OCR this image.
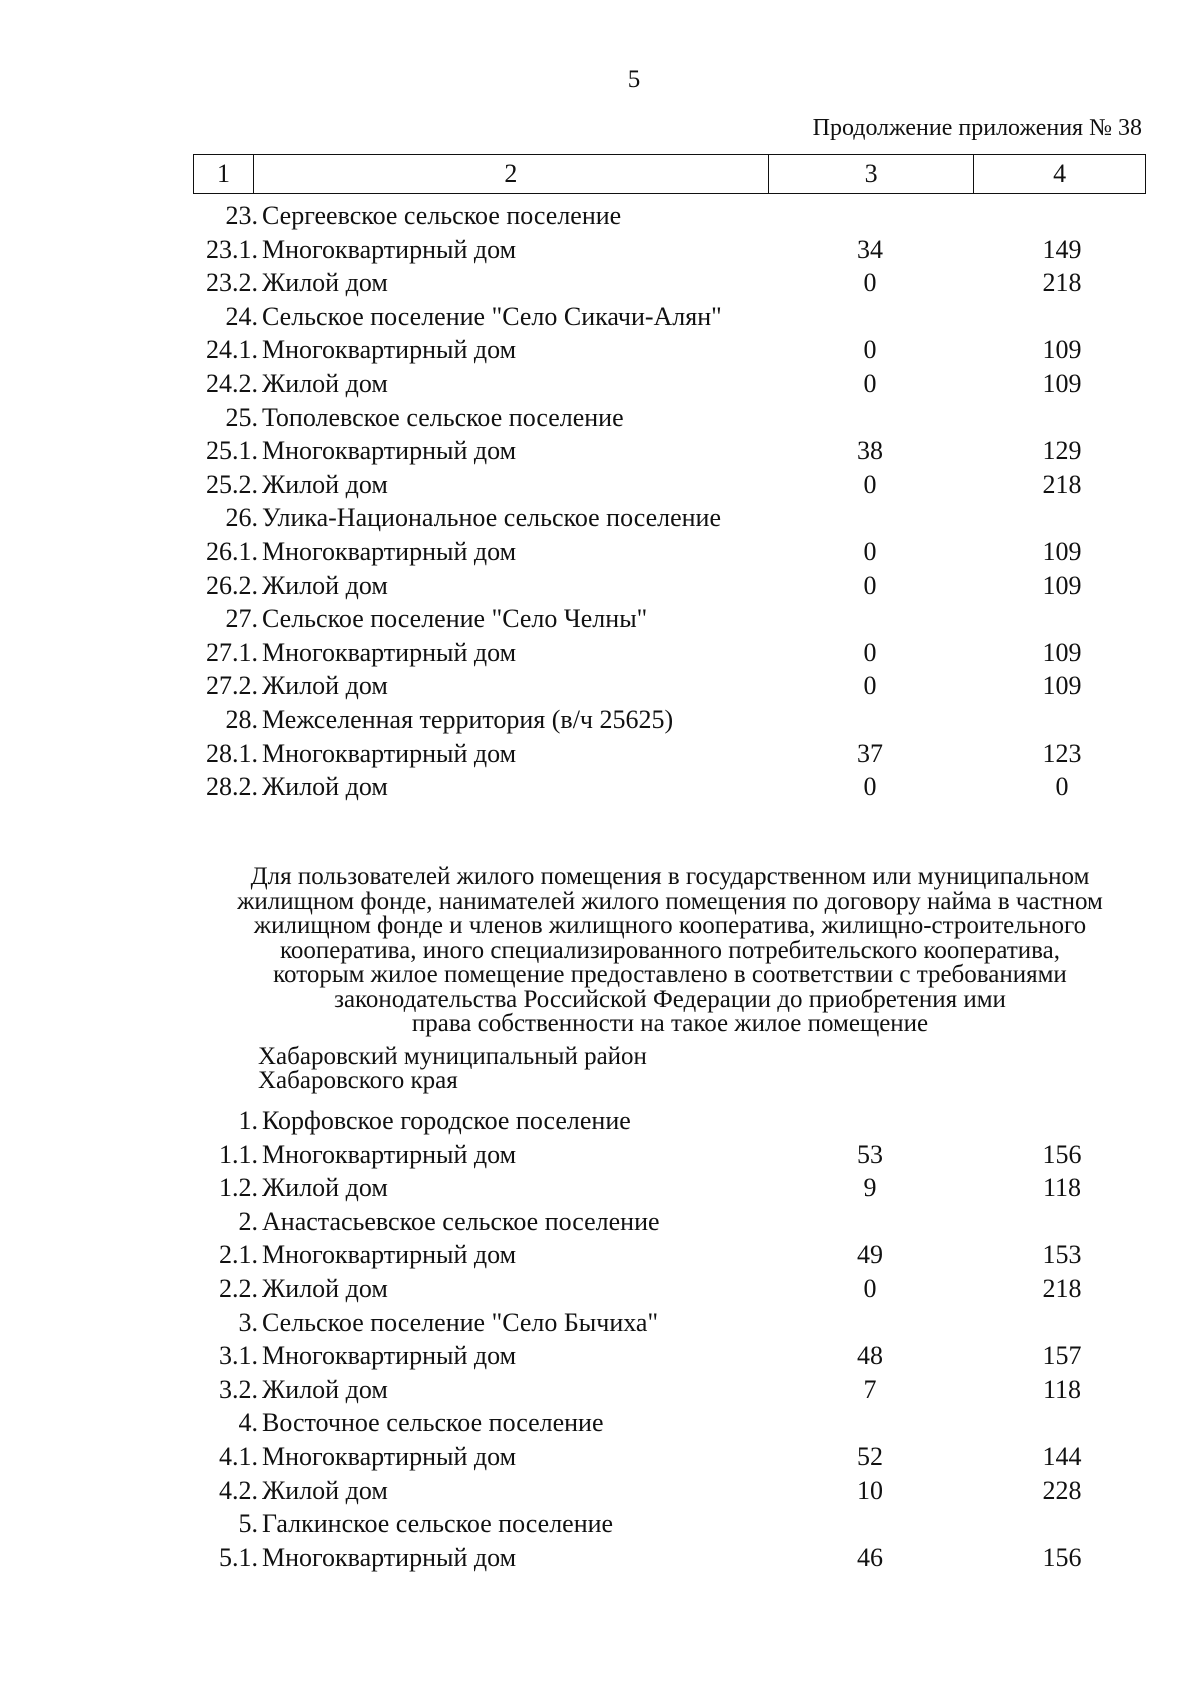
5
Продолжение приложения № 38
1	2	3	4
23. Сергеевское сельское поселение
23.1. Многоквартирный дом	34	149
23.2. Жилой дом	0	218
24. Сельское поселение "Село Сикачи-Алян"
24.1. Многоквартирный дом	0	109
24.2. Жилой дом	0	109
25. Тополевское сельское поселение
25.1. Многоквартирный дом	38	129
25.2. Жилой дом	0	218
26. Улика-Национальное сельское поселение
26.1. Многоквартирный дом	0	109
26.2. Жилой дом	0	109
27. Сельское поселение "Село Челны"
27.1. Многоквартирный дом	0	109
27.2. Жилой дом	0	109
28. Межселенная территория (в/ч 25625)
28.1. Многоквартирный дом	37	123
28.2. Жилой дом	0	0
Для пользователей жилого помещения в государственном или муниципальном
жилищном фонде, нанимателей жилого помещения по договору найма в частном
жилищном фонде и членов жилищного кооператива, жилищно-строительного
кооператива, иного специализированного потребительского кооператива,
которым жилое помещение предоставлено в соответствии с требованиями
законодательства Российской Федерации до приобретения ими
права собственности на такое жилое помещение
Хабаровский муниципальный район
Хабаровского края
1. Корфовское городское поселение
1.1. Многоквартирный дом	53	156
1.2. Жилой дом	9	118
2. Анастасьевское сельское поселение
2.1. Многоквартирный дом	49	153
2.2. Жилой дом	0	218
3. Сельское поселение "Село Бычиха"
3.1. Многоквартирный дом	48	157
3.2. Жилой дом	7	118
4. Восточное сельское поселение
4.1. Многоквартирный дом	52	144
4.2. Жилой дом	10	228
5. Галкинское сельское поселение
5.1. Многоквартирный дом	46	156
